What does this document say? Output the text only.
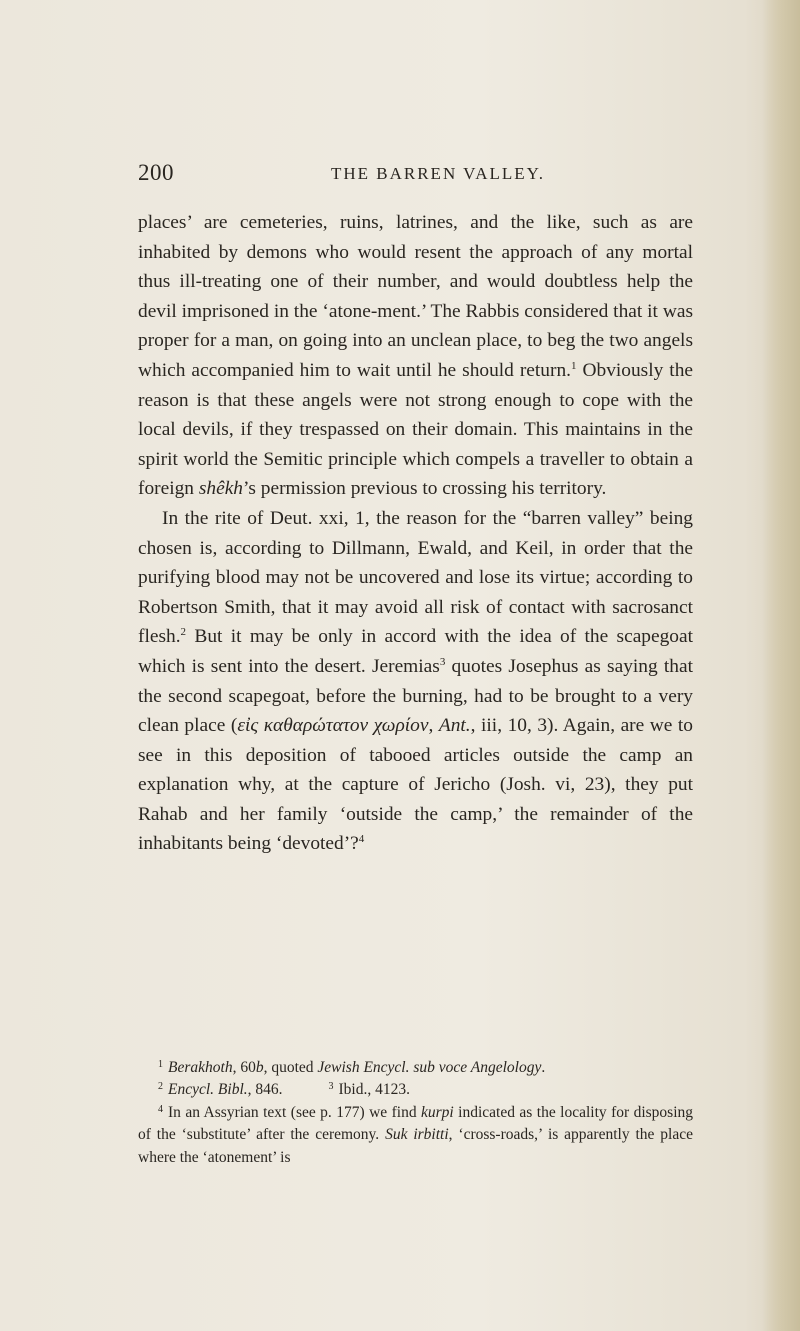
200	THE BARREN VALLEY.

places’ are cemeteries, ruins, latrines, and the like, such as are inhabited by demons who would resent the approach of any mortal thus ill-treating one of their number, and would doubtless help the devil imprisoned in the ‘atone-ment.’ The Rabbis considered that it was proper for a man, on going into an unclean place, to beg the two angels which accompanied him to wait until he should return.$^1$ Obviously the reason is that these angels were not strong enough to cope with the local devils, if they trespassed on their domain. This maintains in the spirit world the Semitic principle which compels a traveller to obtain a foreign shêkh’s permission previous to crossing his territory.

In the rite of Deut. xxi, 1, the reason for the “barren valley” being chosen is, according to Dillmann, Ewald, and Keil, in order that the purifying blood may not be uncovered and lose its virtue; according to Robertson Smith, that it may avoid all risk of contact with sacrosanct flesh.$^2$ But it may be only in accord with the idea of the scapegoat which is sent into the desert. Jeremias$^3$ quotes Josephus as saying that the second scapegoat, before the burning, had to be brought to a very clean place (εἰς καθαρώτατον χωρίον, Ant., iii, 10, 3). Again, are we to see in this deposition of tabooed articles outside the camp an explanation why, at the capture of Jericho (Josh. vi, 23), they put Rahab and her family ‘outside the camp,’ the remainder of the inhabitants being ‘devoted’?$^4$

$^1$ Berakhoth, 60b, quoted Jewish Encycl. sub voce Angelology.

$^2$ Encycl. Bibl., 846.	$^3$ Ibid., 4123.

$^4$ In an Assyrian text (see p. 177) we find kurpi indicated as the locality for disposing of the ‘substitute’ after the ceremony. Suk irbitti, ‘cross-roads,’ is apparently the place where the ‘atonement’ is
